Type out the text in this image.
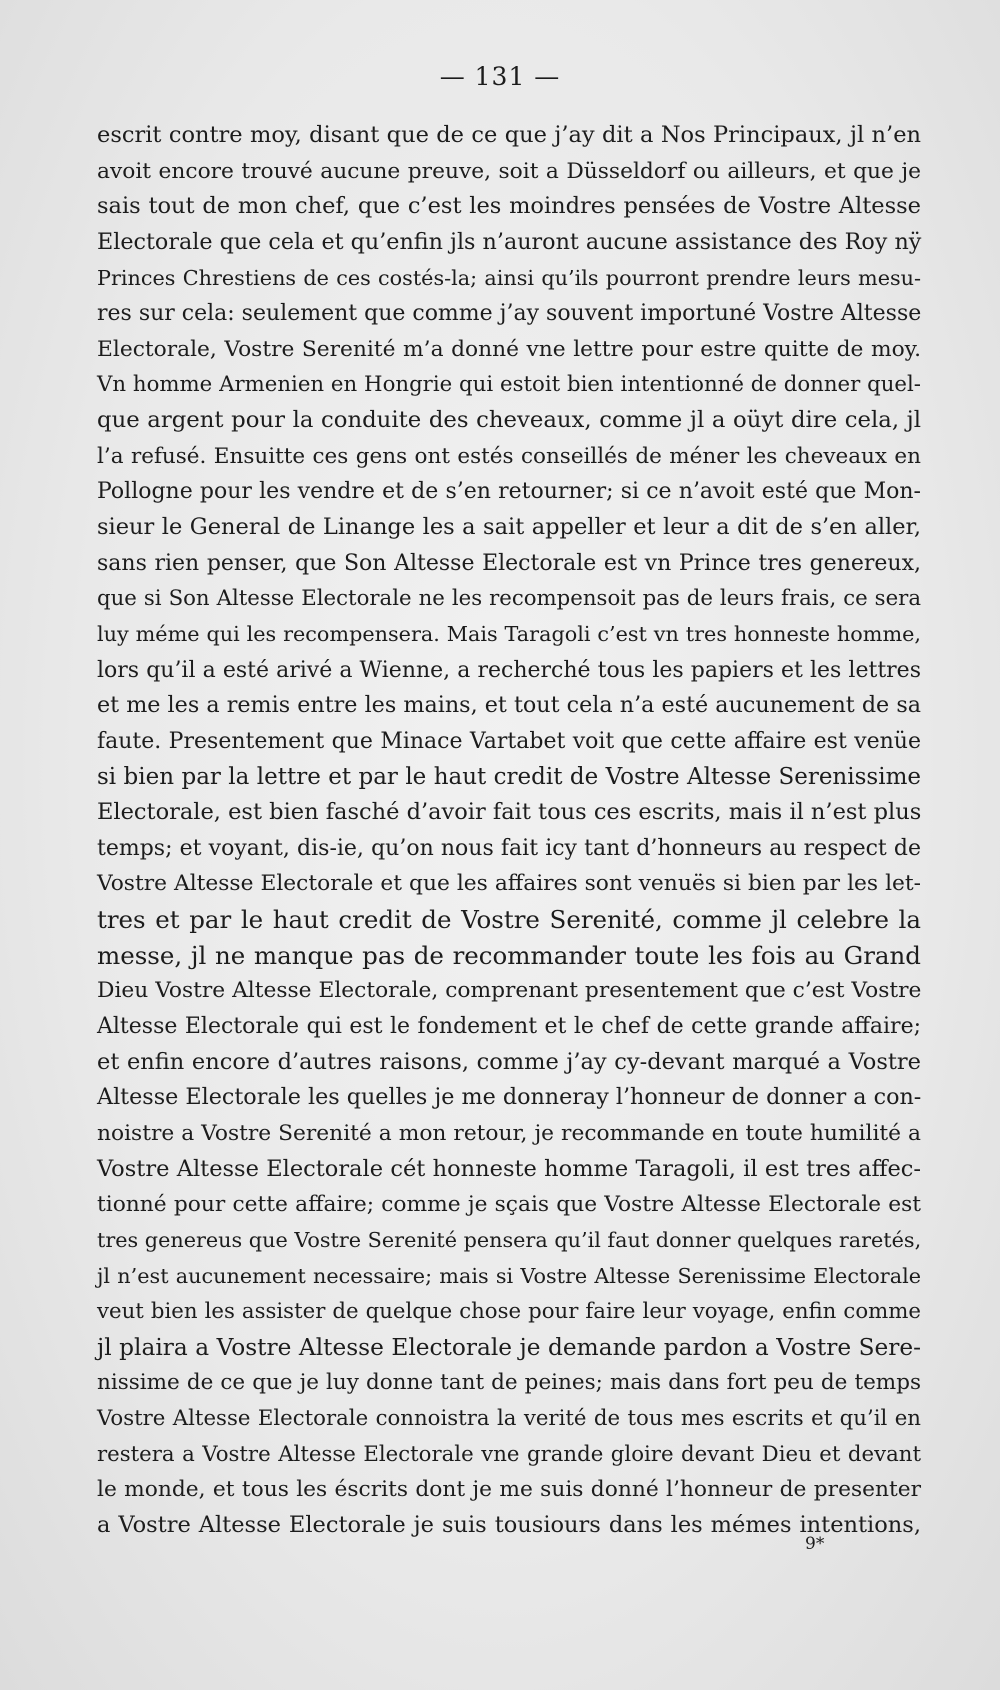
— 131 —
escrit contre moy, disant que de ce que j’ay dit a Nos Principaux, jl n’en
avoit encore trouvé aucune preuve, soit a Düsseldorf ou ailleurs, et que je
sais tout de mon chef, que c’est les moindres pensées de Vostre Altesse
Electorale que cela et qu’enfin jls n’auront aucune assistance des Roy nÿ
Princes Chrestiens de ces costés-la; ainsi qu’ils pourront prendre leurs mesu-
res sur cela: seulement que comme j’ay souvent importuné Vostre Altesse
Electorale, Vostre Serenité m’a donné vne lettre pour estre quitte de moy.
Vn homme Armenien en Hongrie qui estoit bien intentionné de donner quel-
que argent pour la conduite des cheveaux, comme jl a oüyt dire cela, jl
l’a refusé. Ensuitte ces gens ont estés conseillés de méner les cheveaux en
Pollogne pour les vendre et de s’en retourner; si ce n’avoit esté que Mon-
sieur le General de Linange les a sait appeller et leur a dit de s’en aller,
sans rien penser, que Son Altesse Electorale est vn Prince tres genereux,
que si Son Altesse Electorale ne les recompensoit pas de leurs frais, ce sera
luy méme qui les recompensera. Mais Taragoli c’est vn tres honneste homme,
lors qu’il a esté arivé a Wienne, a recherché tous les papiers et les lettres
et me les a remis entre les mains, et tout cela n’a esté aucunement de sa
faute. Presentement que Minace Vartabet voit que cette affaire est venüe
si bien par la lettre et par le haut credit de Vostre Altesse Serenissime
Electorale, est bien fasché d’avoir fait tous ces escrits, mais il n’est plus
temps; et voyant, dis-ie, qu’on nous fait icy tant d’honneurs au respect de
Vostre Altesse Electorale et que les affaires sont venuës si bien par les let-
tres et par le haut credit de Vostre Serenité, comme jl celebre la
messe, jl ne manque pas de recommander toute les fois au Grand
Dieu Vostre Altesse Electorale, comprenant presentement que c’est Vostre
Altesse Electorale qui est le fondement et le chef de cette grande affaire;
et enfin encore d’autres raisons, comme j’ay cy-devant marqué a Vostre
Altesse Electorale les quelles je me donneray l’honneur de donner a con-
noistre a Vostre Serenité a mon retour, je recommande en toute humilité a
Vostre Altesse Electorale cét honneste homme Taragoli, il est tres affec-
tionné pour cette affaire; comme je sçais que Vostre Altesse Electorale est
tres genereus que Vostre Serenité pensera qu’il faut donner quelques raretés,
jl n’est aucunement necessaire; mais si Vostre Altesse Serenissime Electorale
veut bien les assister de quelque chose pour faire leur voyage, enfin comme
jl plaira a Vostre Altesse Electorale je demande pardon a Vostre Sere-
nissime de ce que je luy donne tant de peines; mais dans fort peu de temps
Vostre Altesse Electorale connoistra la verité de tous mes escrits et qu’il en
restera a Vostre Altesse Electorale vne grande gloire devant Dieu et devant
le monde, et tous les éscrits dont je me suis donné l’honneur de presenter
a Vostre Altesse Electorale je suis tousiours dans les mémes intentions,
9*
